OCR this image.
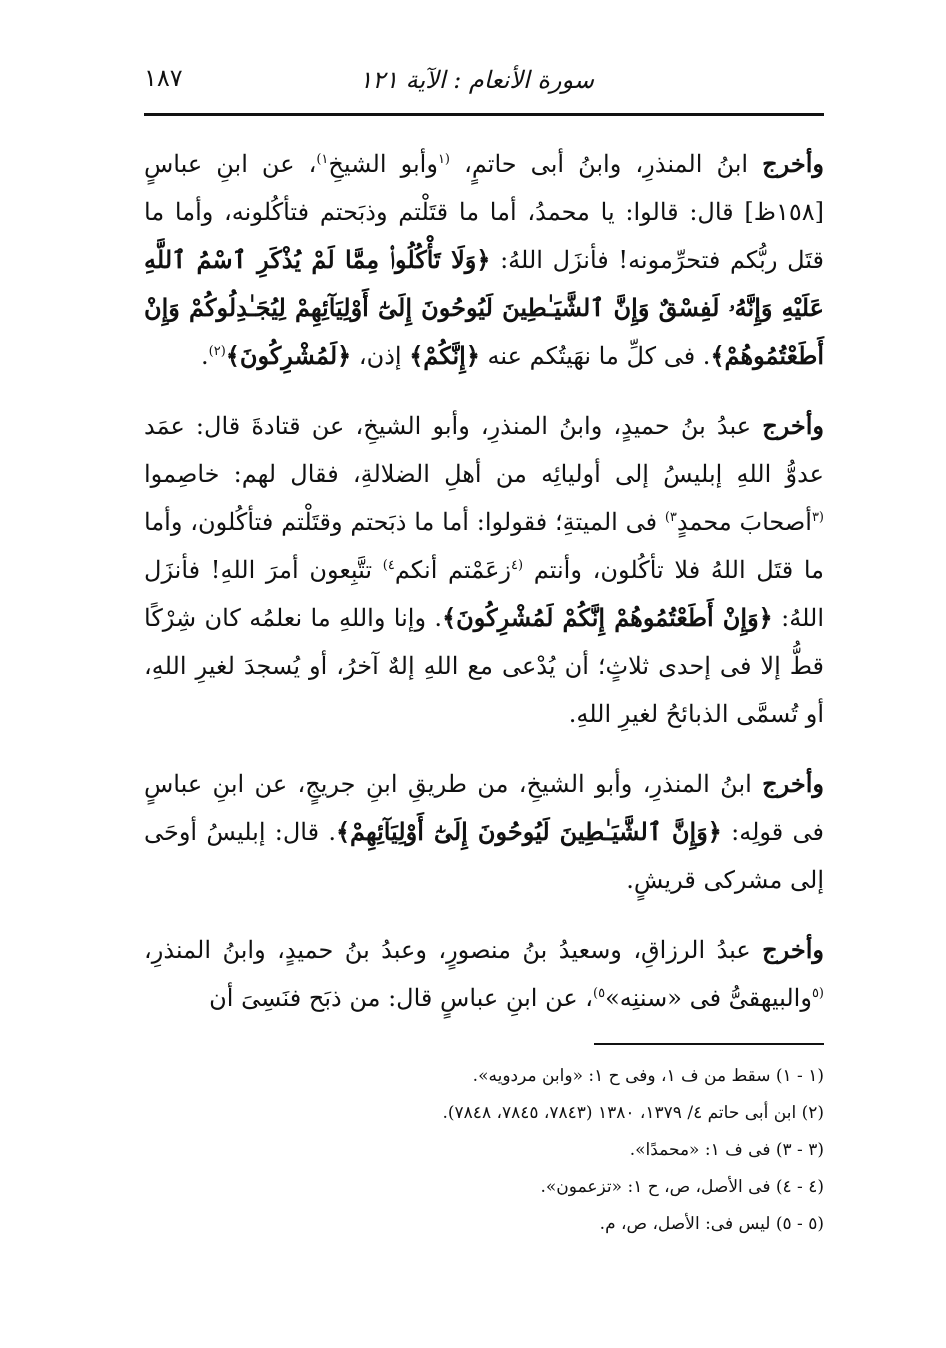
سورة الأنعام : الآية ١٢١
١٨٧

وأخرج ابنُ المنذرِ، وابنُ أبى حاتمٍ، $^{(١}$وأبو الشيخِ$^{١)}$، عن ابنِ عباسٍ [١٥٨ظ] قال: قالوا: يا محمدُ، أما ما قتَلْتم وذبَحتم فتأكُلونه، وأما ما قتَل ربُّكم فتحرِّمونه! فأنزَل اللهُ: ﴿وَلَا تَأْكُلُوا۟ مِمَّا لَمْ يُذْكَرِ ٱسْمُ ٱللَّهِ عَلَيْهِ وَإِنَّهُۥ لَفِسْقٌ وَإِنَّ ٱلشَّيَـٰطِينَ لَيُوحُونَ إِلَىٰٓ أَوْلِيَآئِهِمْ لِيُجَـٰدِلُوكُمْ وَإِنْ أَطَعْتُمُوهُمْ﴾. فى كلِّ ما نهَيتُكم عنه ﴿إِنَّكُمْ﴾ إذن، ﴿لَمُشْرِكُونَ﴾$^{(٢)}$.

وأخرج عبدُ بنُ حميدٍ، وابنُ المنذرِ، وأبو الشيخِ، عن قتادةَ قال: عمَد عدوُّ اللهِ إبليسُ إلى أوليائِه من أهلِ الضلالةِ، فقال لهم: خاصِموا $^{(٣}$أصحابَ محمدٍ$^{٣)}$ فى الميتةِ؛ فقولوا: أما ما ذبَحتم وقتَلْتم فتأكُلون، وأما ما قتَل اللهُ فلا تأكُلون، وأنتم $^{(٤}$زعَمْتم أنكم$^{٤)}$ تتَّبِعون أمرَ اللهِ! فأنزَل اللهُ: ﴿وَإِنْ أَطَعْتُمُوهُمْ إِنَّكُمْ لَمُشْرِكُونَ﴾. وإنا واللهِ ما نعلمُه كان شِرْكًا قطُّ إلا فى إحدى ثلاثٍ؛ أن يُدْعى مع اللهِ إلهٌ آخرُ، أو يُسجدَ لغيرِ اللهِ، أو تُسمَّى الذبائحُ لغيرِ اللهِ.

وأخرج ابنُ المنذرِ، وأبو الشيخِ، من طريقِ ابنِ جريجٍ، عن ابنِ عباسٍ فى قولِه: ﴿وَإِنَّ ٱلشَّيَـٰطِينَ لَيُوحُونَ إِلَىٰٓ أَوْلِيَآئِهِمْ﴾. قال: إبليسُ أوحَى إلى مشركى قريشٍ.

وأخرج عبدُ الرزاقِ، وسعيدُ بنُ منصورٍ، وعبدُ بنُ حميدٍ، وابنُ المنذرِ، $^{(٥}$والبيهقىُّ فى «سننِه»$^{٥)}$، عن ابنِ عباسٍ قال: من ذبَح فنَسِىَ أن

(١ - ١) سقط من ف ١، وفى ح ١: «وابن مردويه».
(٢) ابن أبى حاتم ٤/ ١٣٧٩، ١٣٨٠ (٧٨٤٣، ٧٨٤٥، ٧٨٤٨).
(٣ - ٣) فى ف ١: «محمدًا».
(٤ - ٤) فى الأصل، ص، ح ١: «تزعمون».
(٥ - ٥) ليس فى: الأصل، ص، م.
